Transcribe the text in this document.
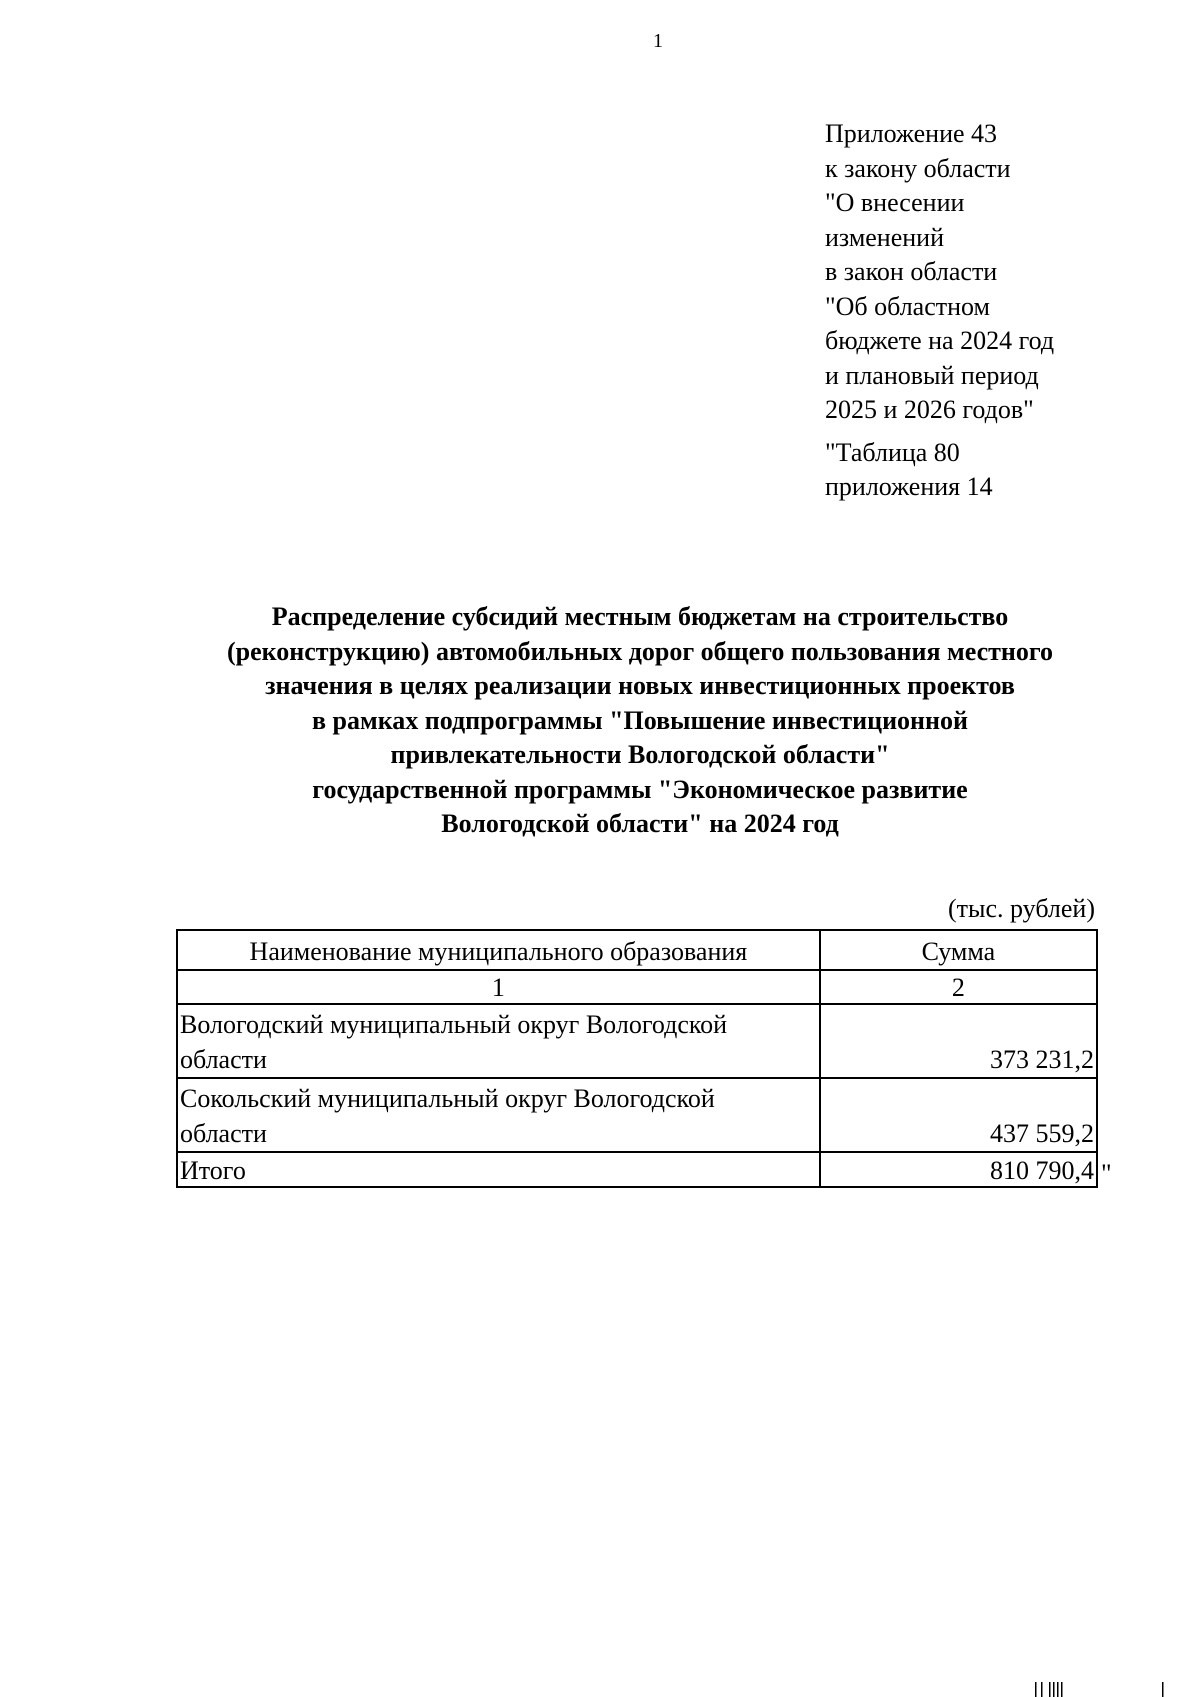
1
Приложение 43
к закону области
"О внесении
изменений
в закон области
"Об областном
бюджете на 2024 год
и плановый период
2025 и 2026 годов"
"Таблица 80
приложения 14
Распределение субсидий местным бюджетам на строительство
(реконструкцию) автомобильных дорог общего пользования местного
значения в целях реализации новых инвестиционных проектов
в рамках подпрограммы "Повышение инвестиционной
привлекательности Вологодской области"
государственной программы "Экономическое развитие
Вологодской области" на 2024 год
(тыс. рублей)
Наименование муниципального образования	Сумма
1	2
Вологодский муниципальный округ Вологодской
области	373 231,2
Сокольский муниципальный округ Вологодской
области	437 559,2
Итого	810 790,4 "
